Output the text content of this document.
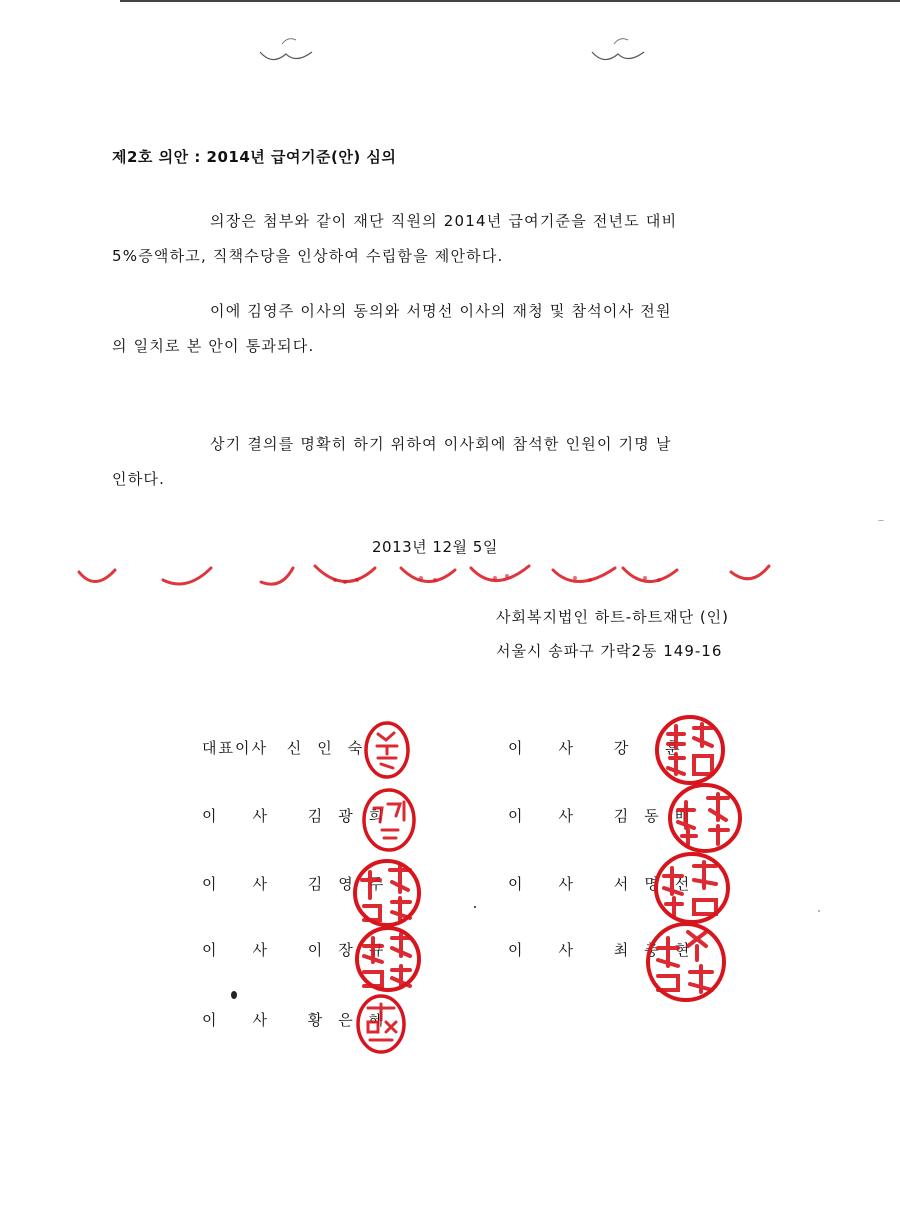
제2호 의안 : 2014년 급여기준(안) 심의
의장은 첨부와 같이 재단 직원의 2014년 급여기준을 전년도 대비
5%증액하고, 직책수당을 인상하여 수립함을 제안하다.
이에 김영주 이사의 동의와 서명선 이사의 재청 및 참석이사 전원
의 일치로 본 안이 통과되다.
상기 결의를 명확히 하기 위하여 이사회에 참석한 인원이 기명 날
인하다.
2013년 12월 5일
사회복지법인 하트-하트재단 (인)
서울시 송파구 가락2동 149-16
대표이사 신인숙
이사 김광희
이사 김영주
이사 이장규
이사 황은혜
이사 강 훈
이사 김동배
이사 서명선
이사 최충현
